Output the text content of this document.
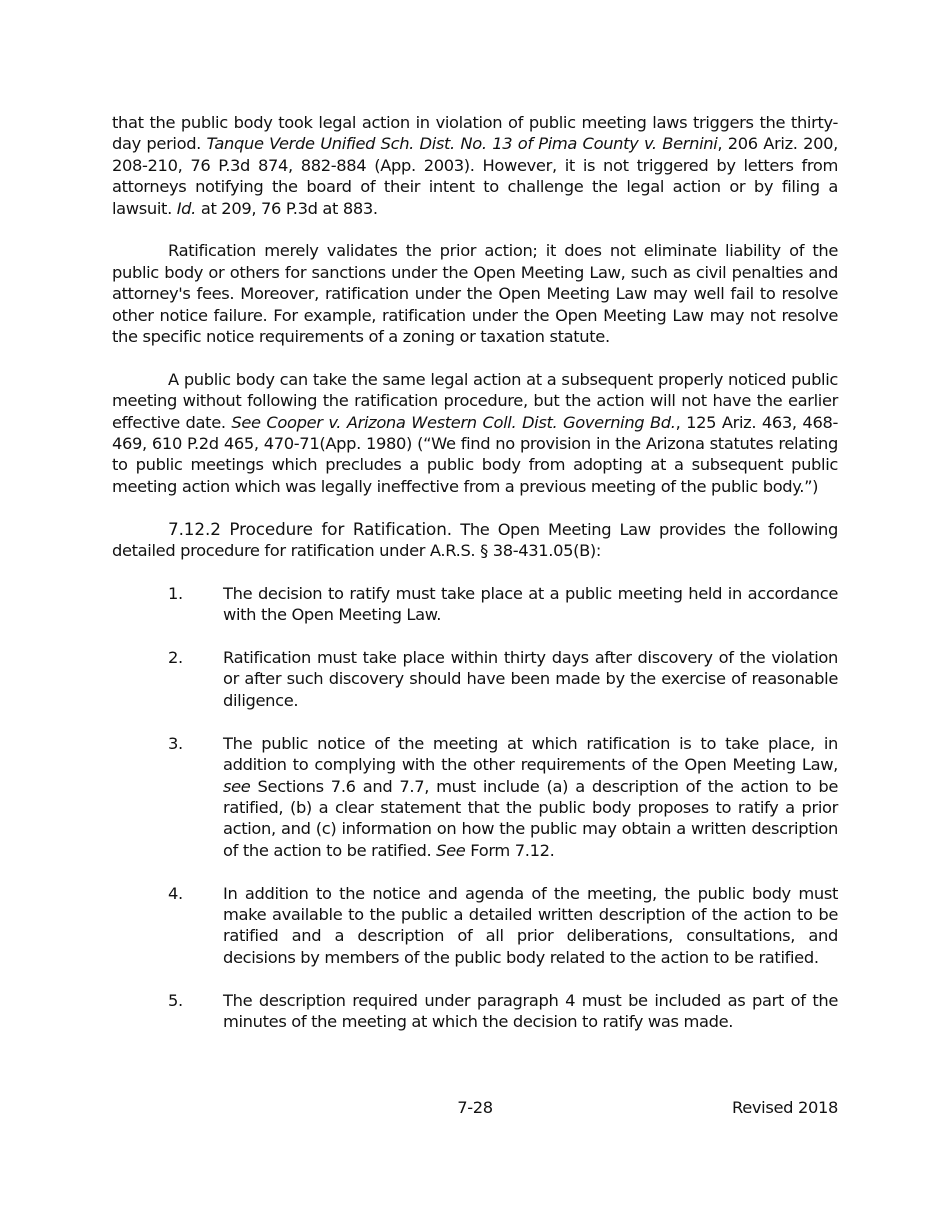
that the public body took legal action in violation of public meeting laws triggers the thirty-day period. Tanque Verde Unified Sch. Dist. No. 13 of Pima County v. Bernini, 206 Ariz. 200, 208-210, 76 P.3d 874, 882-884 (App. 2003). However, it is not triggered by letters from attorneys notifying the board of their intent to challenge the legal action or by filing a lawsuit. Id. at 209, 76 P.3d at 883.

Ratification merely validates the prior action; it does not eliminate liability of the public body or others for sanctions under the Open Meeting Law, such as civil penalties and attorney's fees. Moreover, ratification under the Open Meeting Law may well fail to resolve other notice failure. For example, ratification under the Open Meeting Law may not resolve the specific notice requirements of a zoning or taxation statute.

A public body can take the same legal action at a subsequent properly noticed public meeting without following the ratification procedure, but the action will not have the earlier effective date. See Cooper v. Arizona Western Coll. Dist. Governing Bd., 125 Ariz. 463, 468-469, 610 P.2d 465, 470-71(App. 1980) (“We find no provision in the Arizona statutes relating to public meetings which precludes a public body from adopting at a subsequent public meeting action which was legally ineffective from a previous meeting of the public body.”)

7.12.2 Procedure for Ratification. The Open Meeting Law provides the following detailed procedure for ratification under A.R.S. § 38-431.05(B):

1. The decision to ratify must take place at a public meeting held in accordance with the Open Meeting Law.
2. Ratification must take place within thirty days after discovery of the violation or after such discovery should have been made by the exercise of reasonable diligence.
3. The public notice of the meeting at which ratification is to take place, in addition to complying with the other requirements of the Open Meeting Law, see Sections 7.6 and 7.7, must include (a) a description of the action to be ratified, (b) a clear statement that the public body proposes to ratify a prior action, and (c) information on how the public may obtain a written description of the action to be ratified. See Form 7.12.
4. In addition to the notice and agenda of the meeting, the public body must make available to the public a detailed written description of the action to be ratified and a description of all prior deliberations, consultations, and decisions by members of the public body related to the action to be ratified.
5. The description required under paragraph 4 must be included as part of the minutes of the meeting at which the decision to ratify was made.
7-28	Revised 2018
